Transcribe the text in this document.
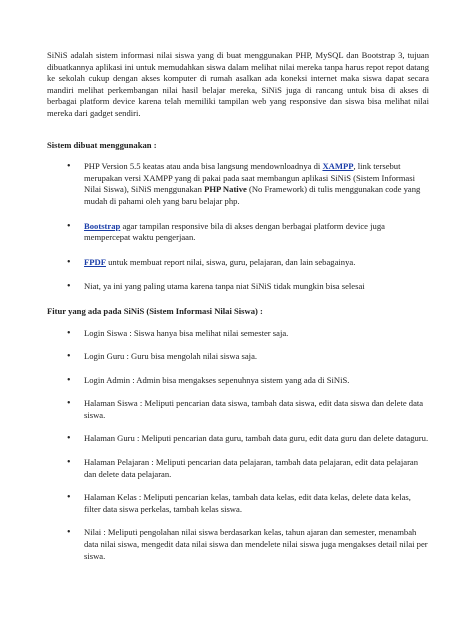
SiNiS adalah sistem informasi nilai siswa yang di buat menggunakan PHP, MySQL dan Bootstrap 3, tujuan dibuatkannya aplikasi ini untuk memudahkan siswa dalam melihat nilai mereka tanpa harus repot repot datang ke sekolah cukup dengan akses komputer di rumah asalkan ada koneksi internet maka siswa dapat secara mandiri melihat perkembangan nilai hasil belajar mereka, SiNiS juga di rancang untuk bisa di akses di berbagai platform device karena telah memiliki tampilan web yang responsive dan siswa bisa melihat nilai mereka dari gadget sendiri.

Sistem dibuat menggunakan :

• PHP Version 5.5 keatas atau anda bisa langsung mendownloadnya di XAMPP, link tersebut merupakan versi XAMPP yang di pakai pada saat membangun aplikasi SiNiS (Sistem Informasi Nilai Siswa), SiNiS menggunakan PHP Native (No Framework) di tulis menggunakan code yang mudah di pahami oleh yang baru belajar php.
• Bootstrap agar tampilan responsive bila di akses dengan berbagai platform device juga mempercepat waktu pengerjaan.
• FPDF untuk membuat report nilai, siswa, guru, pelajaran, dan lain sebagainya.
• Niat, ya ini yang paling utama karena tanpa niat SiNiS tidak mungkin bisa selesai

Fitur yang ada pada SiNiS (Sistem Informasi Nilai Siswa) :

• Login Siswa : Siswa hanya bisa melihat nilai semester saja.
• Login Guru : Guru bisa mengolah nilai siswa saja.
• Login Admin : Admin bisa mengakses sepenuhnya sistem yang ada di SiNiS.
• Halaman Siswa : Meliputi pencarian data siswa, tambah data siswa, edit data siswa dan delete data siswa.
• Halaman Guru : Meliputi pencarian data guru, tambah data guru, edit data guru dan delete dataguru.
• Halaman Pelajaran : Meliputi pencarian data pelajaran, tambah data pelajaran, edit data pelajaran dan delete data pelajaran.
• Halaman Kelas : Meliputi pencarian kelas, tambah data kelas, edit data kelas, delete data kelas, filter data siswa perkelas, tambah kelas siswa.
• Nilai : Meliputi pengolahan nilai siswa berdasarkan kelas, tahun ajaran dan semester, menambah data nilai siswa, mengedit data nilai siswa dan mendelete nilai siswa juga mengakses detail nilai per siswa.
